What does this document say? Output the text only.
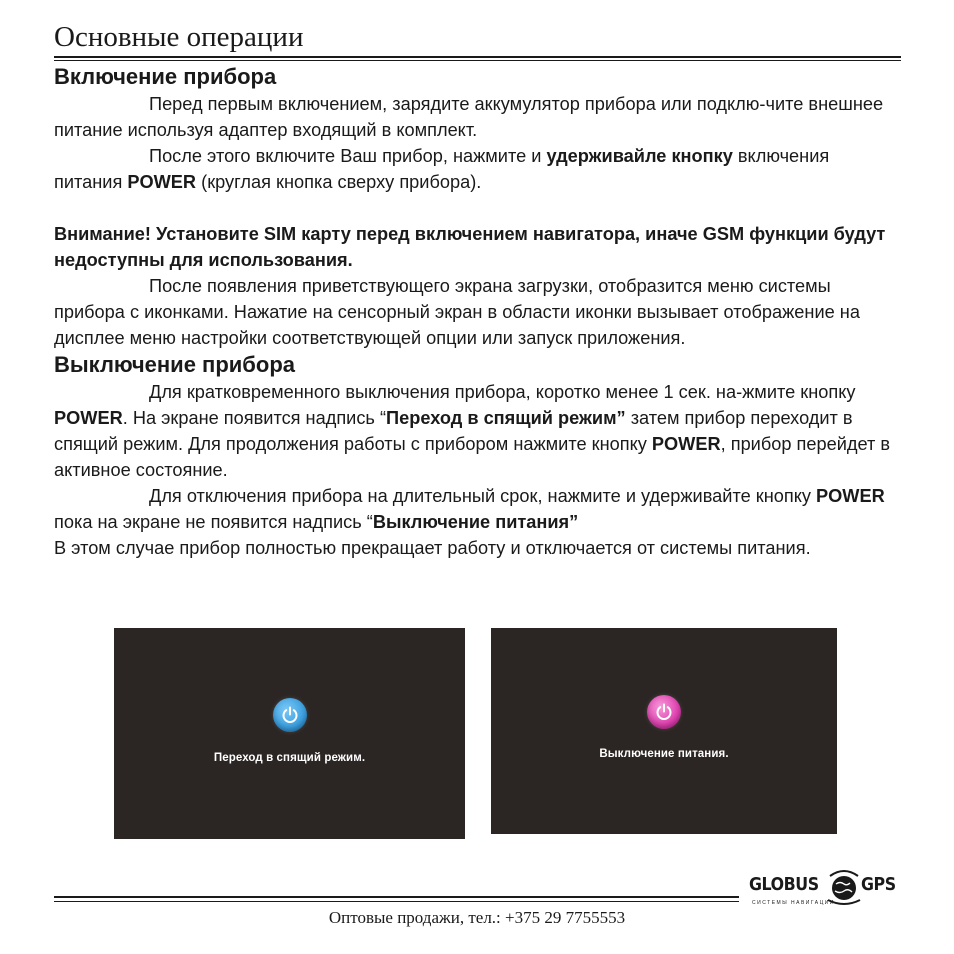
Основные операции
Включение прибора

Перед первым включением, зарядите аккумулятор прибора или подклю-чите внешнее питание используя адаптер входящий в комплект.

После этого включите Ваш прибор, нажмите и удерживайле кнопку включения питания POWER (круглая кнопка сверху прибора).

Внимание! Установите SIM карту перед включением навигатора, иначе GSM функции будут недоступны для использования.

После появления приветствующего экрана загрузки, отобразится меню системы прибора с иконками. Нажатие на сенсорный экран в области иконки вызывает отображение на дисплее меню настройки соответствующей опции или запуск приложения.

Выключение прибора

Для кратковременного выключения прибора, коротко менее 1 сек. на-жмите кнопку POWER. На экране появится надпись “Переход в спящий режим” затем прибор переходит в спящий режим. Для продолжения работы с прибором нажмите кнопку POWER, прибор перейдет в активное состояние.

Для отключения прибора на длительный срок, нажмите и удерживайте кнопку POWER пока на экране не появится надпись “Выключение питания”

В этом случае прибор полностью прекращает работу и отключается от системы питания.

Переход в спящий режим.	Выключение питания.
GLOBUS GPS
СИСТЕМЫ НАВИГАЦИИ
Оптовые продажи, тел.: +375 29 7755553
